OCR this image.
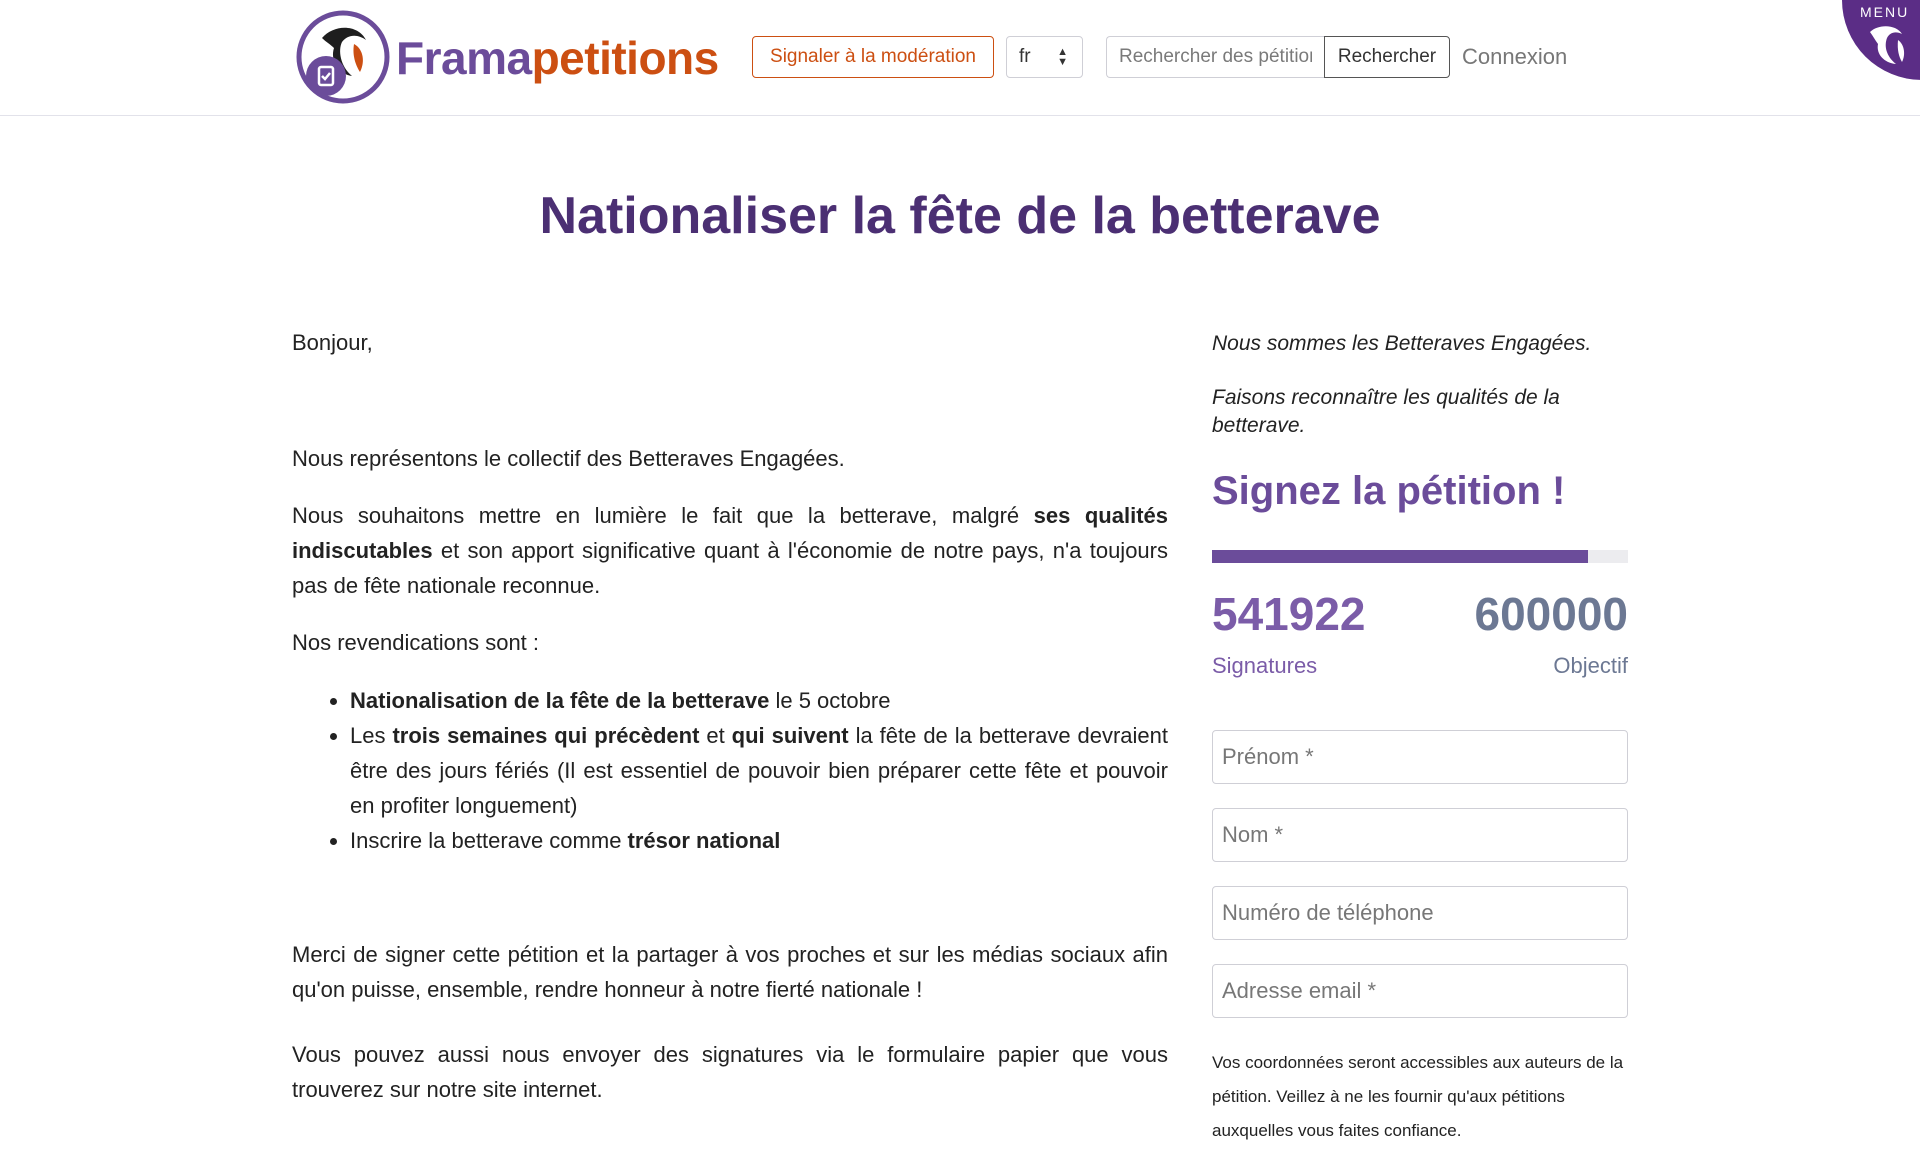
Framapetitions	Signaler à la modération	fr ▲
▼
Rechercher des pétitions	Rechercher	Connexion
MENU
Nationaliser la fête de la betterave

Bonjour,

Nous représentons le collectif des Betteraves Engagées.

Nous souhaitons mettre en lumière le fait que la betterave, malgré ses qualités indiscutables et son apport significative quant à l'économie de notre pays, n'a toujours pas de fête nationale reconnue.

Nos revendications sont :

• Nationalisation de la fête de la betterave le 5 octobre
• Les trois semaines qui précèdent et qui suivent la fête de la betterave devraient être des jours fériés (Il est essentiel de pouvoir bien préparer cette fête et pouvoir en profiter longuement)
• Inscrire la betterave comme trésor national

Merci de signer cette pétition et la partager à vos proches et sur les médias sociaux afin qu'on puisse, ensemble, rendre honneur à notre fierté nationale !

Vous pouvez aussi nous envoyer des signatures via le formulaire papier que vous trouverez sur notre site internet.

Nous sommes les Betteraves Engagées.

Faisons reconnaître les qualités de la betterave.

Signez la pétition !
541922 600000
Signatures	Objectif
Prénom *
Nom *
Numéro de téléphone
Adresse email *

Vos coordonnées seront accessibles aux auteurs de la pétition. Veillez à ne les fournir qu'aux pétitions auxquelles vous faites confiance.
